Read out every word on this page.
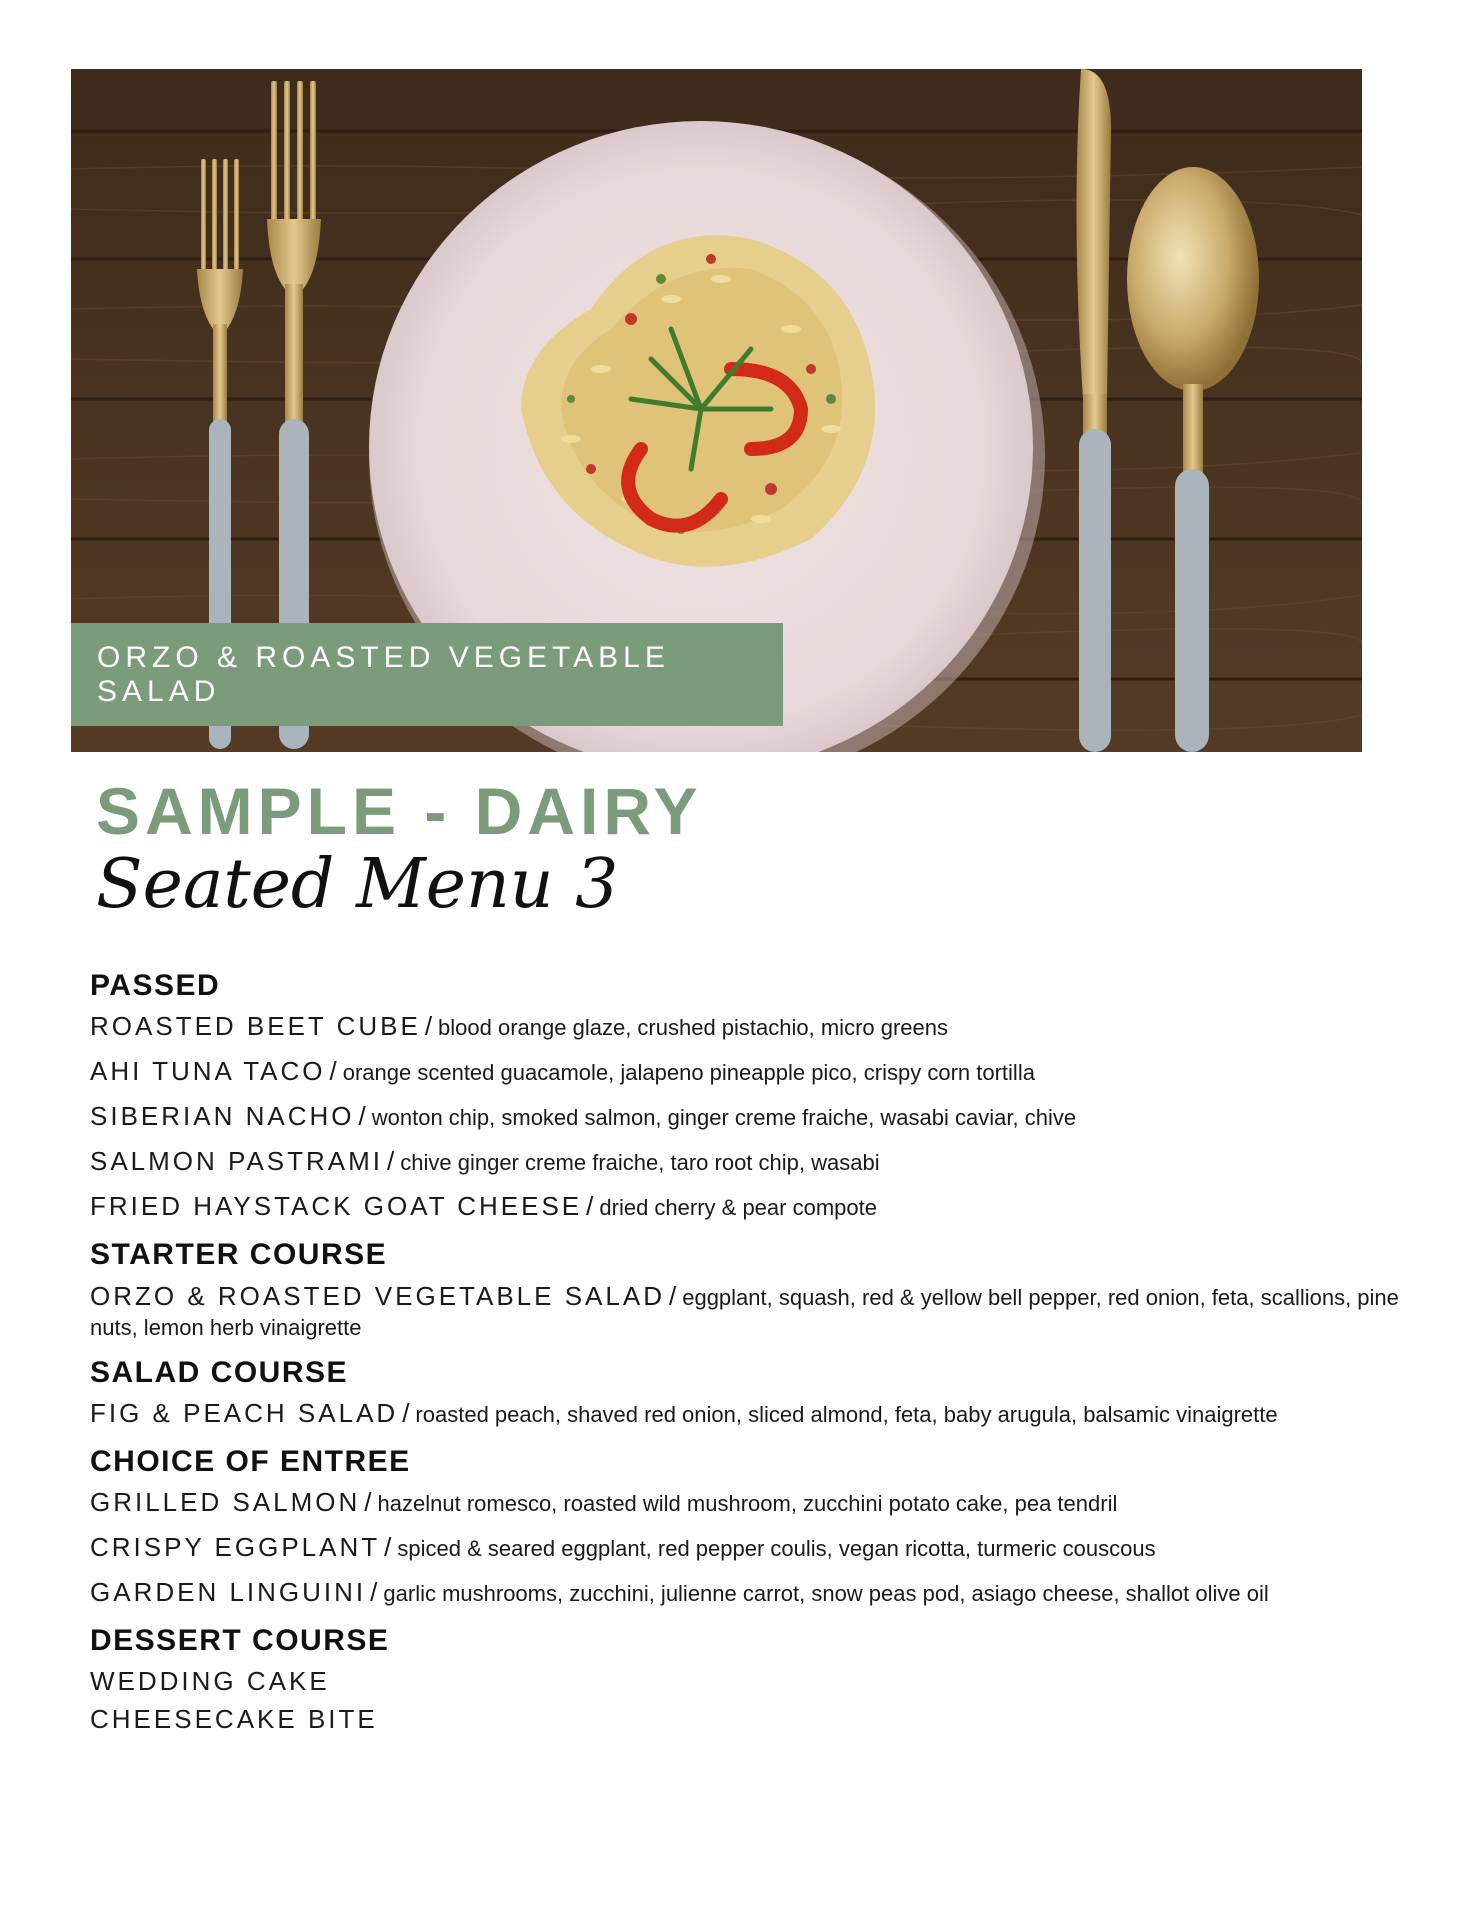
ORZO & ROASTED VEGETABLE SALAD
SAMPLE - DAIRY
Seated Menu 3
PASSED
ROASTED BEET CUBE / blood orange glaze, crushed pistachio, micro greens
AHI TUNA TACO / orange scented guacamole, jalapeno pineapple pico, crispy corn tortilla
SIBERIAN NACHO / wonton chip, smoked salmon, ginger creme fraiche, wasabi caviar, chive
SALMON PASTRAMI / chive ginger creme fraiche, taro root chip, wasabi
FRIED HAYSTACK GOAT CHEESE / dried cherry & pear compote
STARTER COURSE
ORZO & ROASTED VEGETABLE SALAD / eggplant, squash, red & yellow bell pepper, red onion, feta, scallions, pine nuts, lemon herb vinaigrette
SALAD COURSE
FIG & PEACH SALAD / roasted peach, shaved red onion, sliced almond, feta, baby arugula, balsamic vinaigrette
CHOICE OF ENTREE
GRILLED SALMON / hazelnut romesco, roasted wild mushroom, zucchini potato cake, pea tendril
CRISPY EGGPLANT / spiced & seared eggplant, red pepper coulis, vegan ricotta, turmeric couscous
GARDEN LINGUINI / garlic mushrooms, zucchini, julienne carrot, snow peas pod, asiago cheese, shallot olive oil
DESSERT COURSE
WEDDING CAKE
CHEESECAKE BITE
